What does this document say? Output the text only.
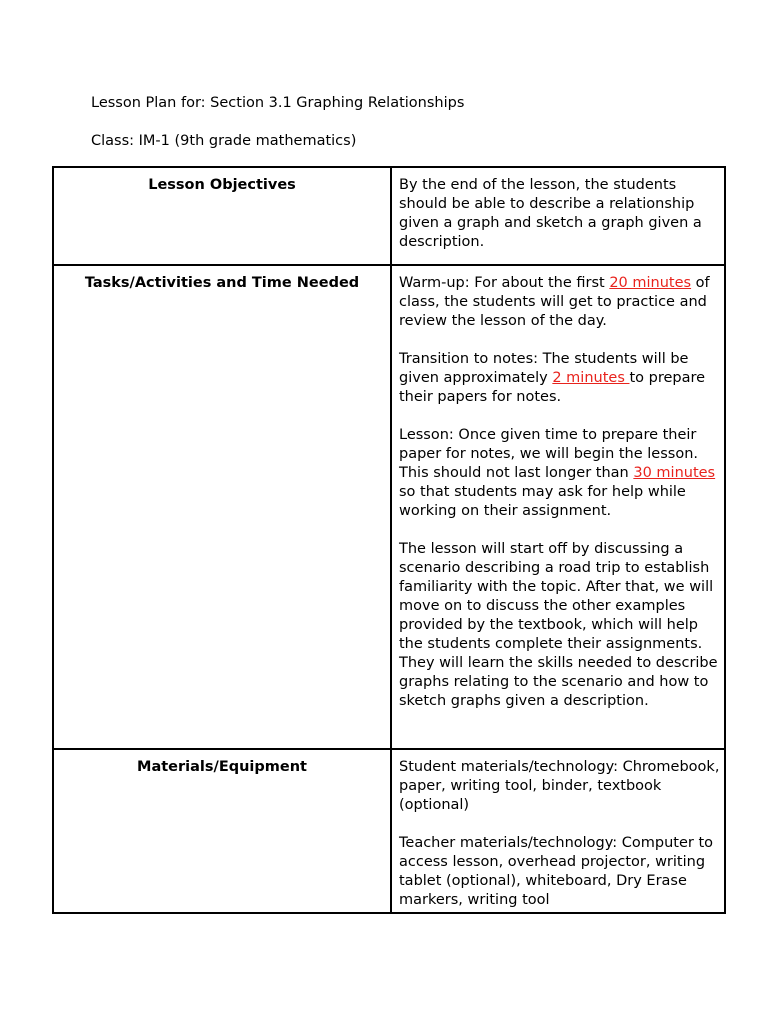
Lesson Plan for: Section 3.1 Graphing Relationships
Class: IM-1 (9th grade mathematics)
Lesson Objectives	By the end of the lesson, the students should be able to describe a relationship given a graph and sketch a graph given a description.

Tasks/Activities and Time Needed	Warm-up: For about the first 20 minutes of class, the students will get to practice and review the lesson of the day.

Transition to notes: The students will be given approximately 2 minutes to prepare their papers for notes.

Lesson: Once given time to prepare their paper for notes, we will begin the lesson. This should not last longer than 30 minutes so that students may ask for help while working on their assignment.

The lesson will start off by discussing a scenario describing a road trip to establish familiarity with the topic. After that, we will move on to discuss the other examples provided by the textbook, which will help the students complete their assignments. They will learn the skills needed to describe graphs relating to the scenario and how to sketch graphs given a description.

Materials/Equipment	Student materials/technology: Chromebook, paper, writing tool, binder, textbook (optional)

Teacher materials/technology: Computer to access lesson, overhead projector, writing tablet (optional), whiteboard, Dry Erase markers, writing tool
